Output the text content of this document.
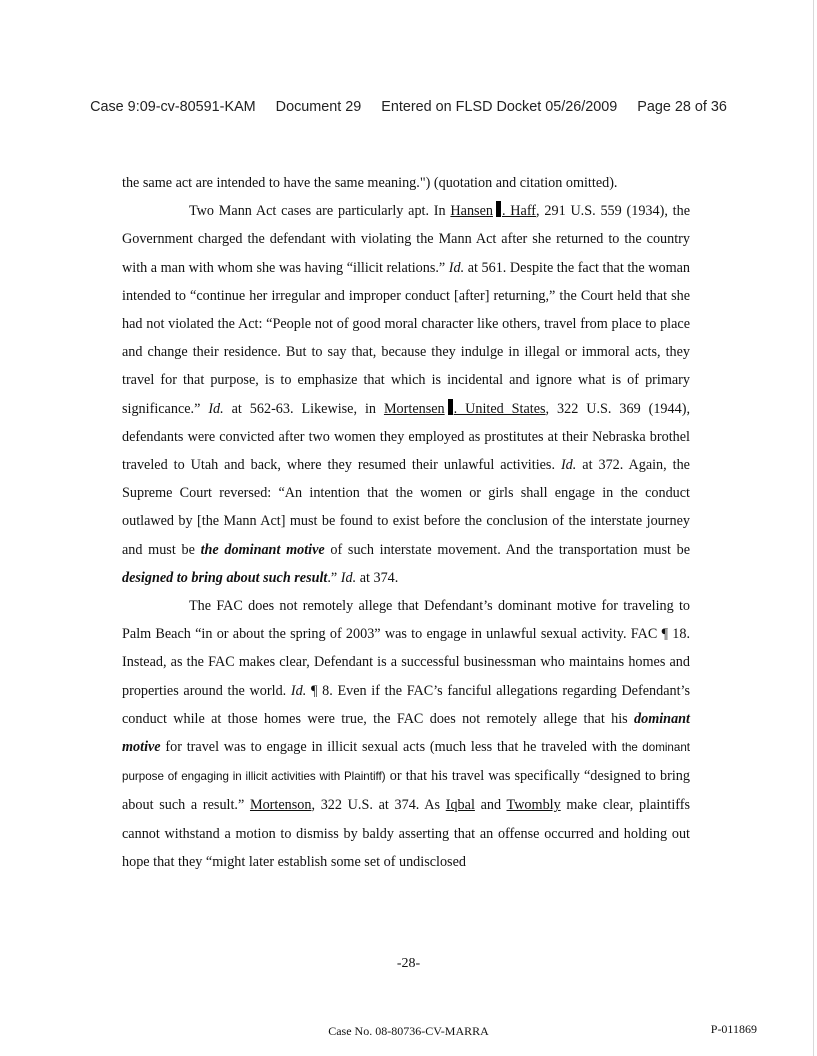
Case 9:09-cv-80591-KAM Document 29 Entered on FLSD Docket 05/26/2009 Page 28 of 36

the same act are intended to have the same meaning.") (quotation and citation omitted).

Two Mann Act cases are particularly apt. In Hansen . Haff, 291 U.S. 559 (1934), the Government charged the defendant with violating the Mann Act after she returned to the country with a man with whom she was having “illicit relations.” Id. at 561. Despite the fact that the woman intended to “continue her irregular and improper conduct [after] returning,” the Court held that she had not violated the Act: “People not of good moral character like others, travel from place to place and change their residence. But to say that, because they indulge in illegal or immoral acts, they travel for that purpose, is to emphasize that which is incidental and ignore what is of primary significance.” Id. at 562-63. Likewise, in Mortensen . United States, 322 U.S. 369 (1944), defendants were convicted after two women they employed as prostitutes at their Nebraska brothel traveled to Utah and back, where they resumed their unlawful activities. Id. at 372. Again, the Supreme Court reversed: “An intention that the women or girls shall engage in the conduct outlawed by [the Mann Act] must be found to exist before the conclusion of the interstate journey and must be the dominant motive of such interstate movement. And the transportation must be designed to bring about such result.” Id. at 374.

The FAC does not remotely allege that Defendant’s dominant motive for traveling to Palm Beach “in or about the spring of 2003” was to engage in unlawful sexual activity. FAC ¶ 18. Instead, as the FAC makes clear, Defendant is a successful businessman who maintains homes and properties around the world. Id. ¶ 8. Even if the FAC’s fanciful allegations regarding Defendant’s conduct while at those homes were true, the FAC does not remotely allege that his dominant motive for travel was to engage in illicit sexual acts (much less that he traveled with the dominant purpose of engaging in illicit activities with Plaintiff) or that his travel was specifically “designed to bring about such a result.” Mortenson, 322 U.S. at 374. As Iqbal and Twombly make clear, plaintiffs cannot withstand a motion to dismiss by baldy asserting that an offense occurred and holding out hope that they “might later establish some set of undisclosed

-28-
Case No. 08-80736-CV-MARRA	P-011869
